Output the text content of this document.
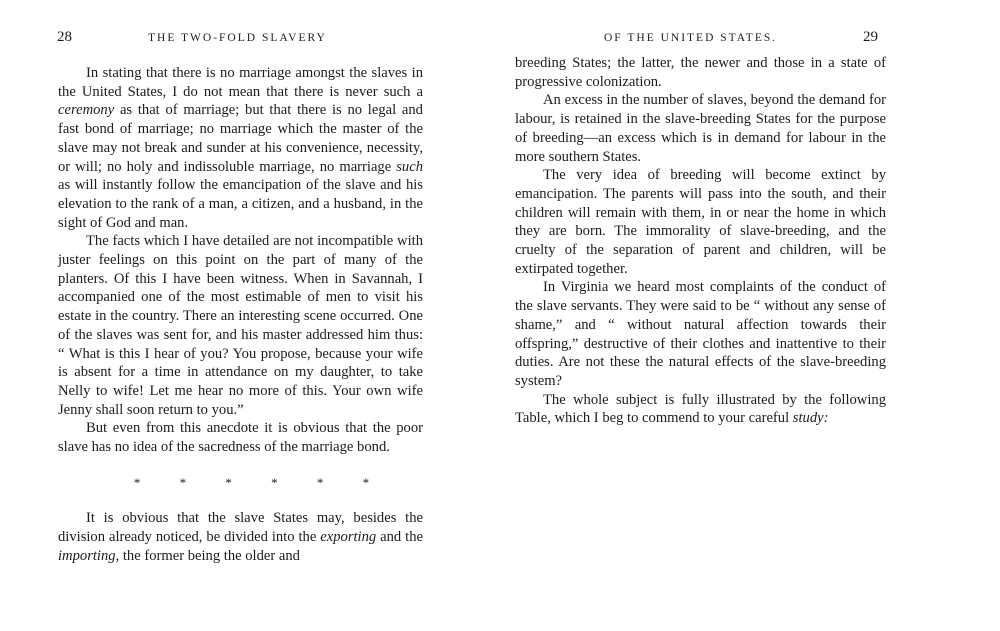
28	THE TWO-FOLD SLAVERY

In stating that there is no marriage amongst the slaves in the United States, I do not mean that there is never such a ceremony as that of marriage; but that there is no legal and fast bond of marriage; no marriage which the master of the slave may not break and sunder at his convenience, necessity, or will; no holy and indissoluble marriage, no marriage such as will instantly follow the emancipation of the slave and his elevation to the rank of a man, a citizen, and a husband, in the sight of God and man.

The facts which I have detailed are not incompatible with juster feelings on this point on the part of many of the planters. Of this I have been witness. When in Savannah, I accompanied one of the most estimable of men to visit his estate in the country. There an interesting scene occurred. One of the slaves was sent for, and his master addressed him thus: “ What is this I hear of you? You propose, because your wife is absent for a time in attendance on my daughter, to take Nelly to wife! Let me hear no more of this. Your own wife Jenny shall soon return to you.”

But even from this anecdote it is obvious that the poor slave has no idea of the sacredness of the marriage bond.

* * * * * *

It is obvious that the slave States may, besides the division already noticed, be divided into the exporting and the importing, the former being the older and

OF THE UNITED STATES.	29

breeding States; the latter, the newer and those in a state of progressive colonization.

An excess in the number of slaves, beyond the demand for labour, is retained in the slave-breeding States for the purpose of breeding—an excess which is in demand for labour in the more southern States.

The very idea of breeding will become extinct by emancipation. The parents will pass into the south, and their children will remain with them, in or near the home in which they are born. The immorality of slave-breeding, and the cruelty of the separation of parent and children, will be extirpated together.

In Virginia we heard most complaints of the conduct of the slave servants. They were said to be “ without any sense of shame,” and “ without natural affection towards their offspring,” destructive of their clothes and inattentive to their duties. Are not these the natural effects of the slave-breeding system?

The whole subject is fully illustrated by the following Table, which I beg to commend to your careful study:
